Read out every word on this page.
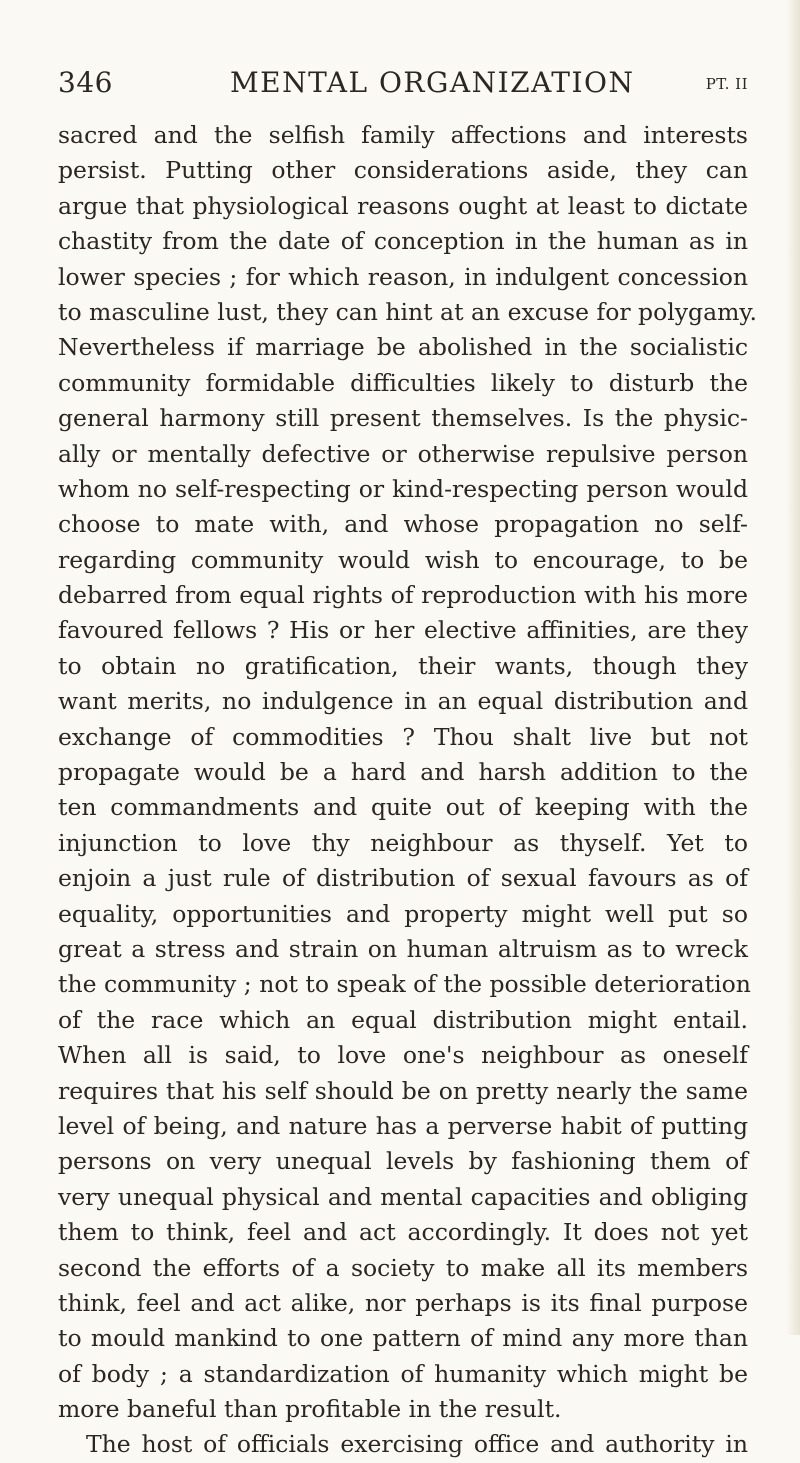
346	MENTAL ORGANIZATION	PT. II
sacred and the selfish family affections and interests
persist. Putting other considerations aside, they can
argue that physiological reasons ought at least to dictate
chastity from the date of conception in the human as in
lower species ; for which reason, in indulgent concession
to masculine lust, they can hint at an excuse for polygamy.
Nevertheless if marriage be abolished in the socialistic
community formidable difficulties likely to disturb the
general harmony still present themselves. Is the physic-
ally or mentally defective or otherwise repulsive person
whom no self-respecting or kind-respecting person would
choose to mate with, and whose propagation no self-
regarding community would wish to encourage, to be
debarred from equal rights of reproduction with his more
favoured fellows ? His or her elective affinities, are they
to obtain no gratification, their wants, though they
want merits, no indulgence in an equal distribution and
exchange of commodities ? Thou shalt live but not
propagate would be a hard and harsh addition to the
ten commandments and quite out of keeping with the
injunction to love thy neighbour as thyself. Yet to
enjoin a just rule of distribution of sexual favours as of
equality, opportunities and property might well put so
great a stress and strain on human altruism as to wreck
the community ; not to speak of the possible deterioration
of the race which an equal distribution might entail.
When all is said, to love one's neighbour as oneself
requires that his self should be on pretty nearly the same
level of being, and nature has a perverse habit of putting
persons on very unequal levels by fashioning them of
very unequal physical and mental capacities and obliging
them to think, feel and act accordingly. It does not yet
second the efforts of a society to make all its members
think, feel and act alike, nor perhaps is its final purpose
to mould mankind to one pattern of mind any more than
of body ; a standardization of humanity which might be
more baneful than profitable in the result.
The host of officials exercising office and authority in
